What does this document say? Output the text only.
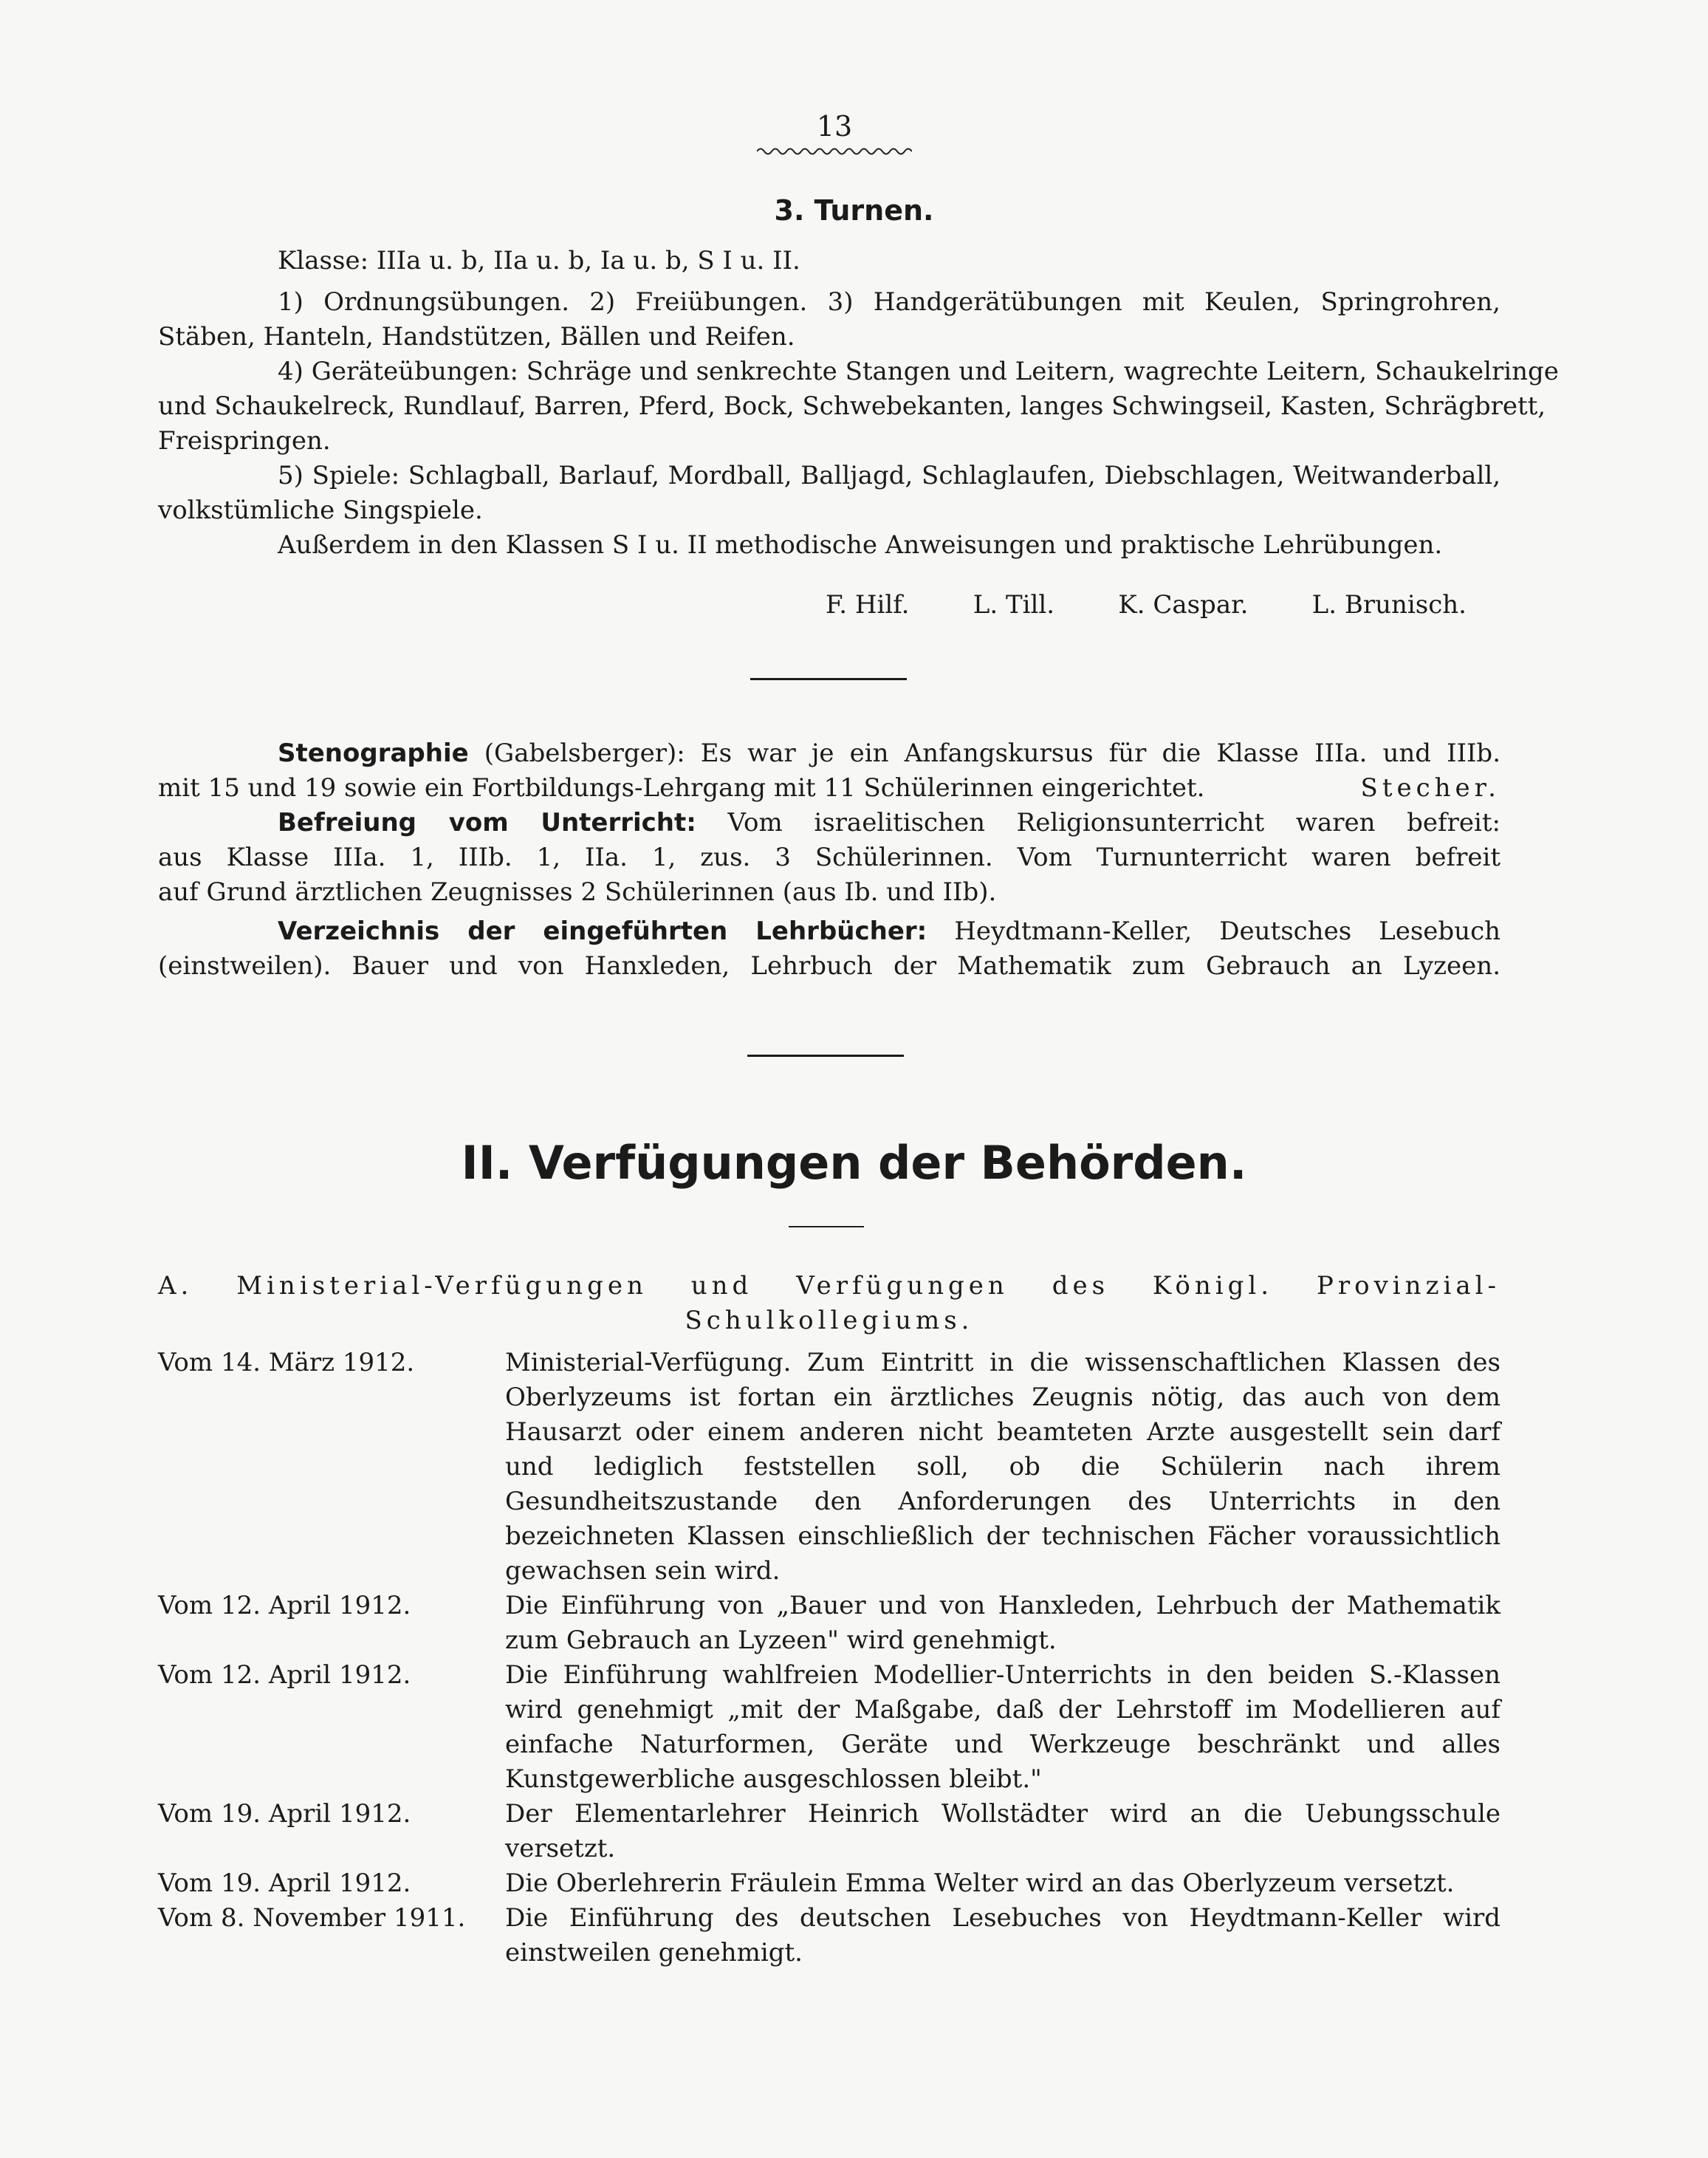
13
3. Turnen.
Klasse: IIIa u. b, IIa u. b, Ia u. b, S I u. II.
1) Ordnungsübungen. 2) Freiübungen. 3) Handgerätübungen mit Keulen, Springrohren,
Stäben, Hanteln, Handstützen, Bällen und Reifen.
4) Geräteübungen: Schräge und senkrechte Stangen und Leitern, wagrechte Leitern, Schaukelringe
und Schaukelreck, Rundlauf, Barren, Pferd, Bock, Schwebekanten, langes Schwingseil, Kasten, Schrägbrett,
Freispringen.
5) Spiele: Schlagball, Barlauf, Mordball, Balljagd, Schlaglaufen, Diebschlagen, Weitwanderball,
volkstümliche Singspiele.
Außerdem in den Klassen S I u. II methodische Anweisungen und praktische Lehrübungen.
F. Hilf.	L. Till.	K. Caspar.	L. Brunisch.
Stenographie (Gabelsberger): Es war je ein Anfangskursus für die Klasse IIIa. und IIIb.
mit 15 und 19 sowie ein Fortbildungs-Lehrgang mit 11 Schülerinnen eingerichtet.	Stecher.
Befreiung vom Unterricht: Vom israelitischen Religionsunterricht waren befreit:
aus Klasse IIIa. 1, IIIb. 1, IIa. 1, zus. 3 Schülerinnen. Vom Turnunterricht waren befreit
auf Grund ärztlichen Zeugnisses 2 Schülerinnen (aus Ib. und IIb).
Verzeichnis der eingeführten Lehrbücher: Heydtmann-Keller, Deutsches Lesebuch
(einstweilen). Bauer und von Hanxleden, Lehrbuch der Mathematik zum Gebrauch an Lyzeen.
II. Verfügungen der Behörden.
A. Ministerial-Verfügungen und Verfügungen des Königl. Provinzial-
Schulkollegiums.
Vom 14. März 1912.	Ministerial-Verfügung. Zum Eintritt in die wissenschaftlichen Klassen des Oberlyzeums ist fortan ein ärztliches Zeugnis nötig, das auch von dem Hausarzt oder einem anderen nicht beamteten Arzte ausgestellt sein darf und lediglich feststellen soll, ob die Schülerin nach ihrem Gesundheitszustande den Anforderungen des Unterrichts in den bezeichneten Klassen einschließlich der technischen Fächer voraussichtlich gewachsen sein wird.
Vom 12. April 1912.	Die Einführung von „Bauer und von Hanxleden, Lehrbuch der Mathematik zum Gebrauch an Lyzeen" wird genehmigt.
Vom 12. April 1912.	Die Einführung wahlfreien Modellier-Unterrichts in den beiden S.-Klassen wird genehmigt „mit der Maßgabe, daß der Lehrstoff im Modellieren auf einfache Naturformen, Geräte und Werkzeuge beschränkt und alles Kunstgewerbliche ausgeschlossen bleibt."
Vom 19. April 1912.	Der Elementarlehrer Heinrich Wollstädter wird an die Uebungsschule versetzt.
Vom 19. April 1912.	Die Oberlehrerin Fräulein Emma Welter wird an das Oberlyzeum versetzt.
Vom 8. November 1911.	Die Einführung des deutschen Lesebuches von Heydtmann-Keller wird einstweilen genehmigt.
